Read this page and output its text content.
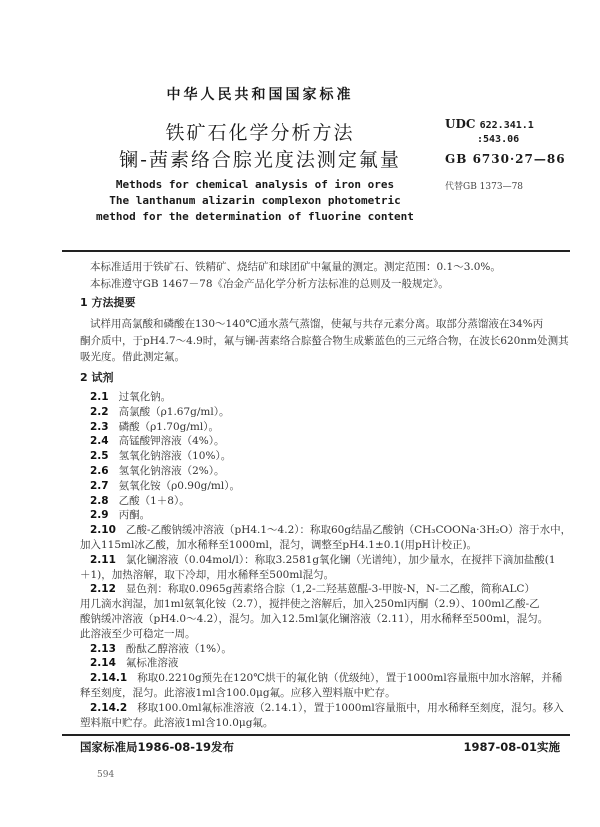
中华人民共和国国家标准
铁矿石化学分析方法
镧-茜素络合腙光度法测定氟量
UDC 622.341.1
:543.06
GB 6730·27—86
代替GB 1373—78
Methods for chemical analysis of iron ores
The lanthanum alizarin complexon photometric
method for the determination of fluorine content
本标准适用于铁矿石、铁精矿、烧结矿和球团矿中氟量的测定。测定范围：0.1～3.0%。
本标准遵守GB 1467－78《冶金产品化学分析方法标准的总则及一般规定》。
1 方法提要
试样用高氯酸和磷酸在130～140℃通水蒸气蒸馏，使氟与共存元素分离。取部分蒸馏液在34%丙
酮介质中，于pH4.7～4.9时，氟与镧-茜素络合腙螯合物生成紫蓝色的三元络合物，在波长620nm处测其
吸光度。借此测定氟。
2 试剂
2.1 过氧化钠。
2.2 高氯酸（ρ1.67g/ml）。
2.3 磷酸（ρ1.70g/ml）。
2.4 高锰酸钾溶液（4%）。
2.5 氢氧化钠溶液（10%）。
2.6 氢氧化钠溶液（2%）。
2.7 氨氧化铵（ρ0.90g/ml）。
2.8 乙酸（1＋8）。
2.9 丙酮。
2.10 乙酸-乙酸钠缓冲溶液（pH4.1～4.2）：称取60g结晶乙酸钠（CH₃COONa·3H₂O）溶于水中，
加入115ml冰乙酸，加水稀释至1000ml，混匀，调整至pH4.1±0.1(用pH计校正)。
2.11 氯化镧溶液（0.04mol/l）：称取3.2581g氧化镧（光谱纯），加少量水，在搅拌下滴加盐酸(1
＋1)，加热溶解，取下冷却，用水稀释至500ml混匀。
2.12 显色剂：称取0.0965g茜素络合腙（1,2-二羟基蒽醌-3-甲胺-N，N-二乙酸，简称ALC）
用几滴水润湿，加1ml氨氧化铵（2.7），搅拌使之溶解后，加入250ml丙酮（2.9）、100ml乙酸-乙
酸钠缓冲溶液（pH4.0～4.2），混匀。加入12.5ml氯化镧溶液（2.11），用水稀释至500ml，混匀。
此溶液至少可稳定一周。
2.13 酚酞乙醇溶液（1%）。
2.14 氟标准溶液
2.14.1 称取0.2210g预先在120℃烘干的氟化钠（优级纯），置于1000ml容量瓶中加水溶解，并稀
释至刻度，混匀。此溶液1ml含100.0μg氟。应移入塑料瓶中贮存。
2.14.2 移取100.0ml氟标准溶液（2.14.1），置于1000ml容量瓶中，用水稀释至刻度，混匀。移入
塑料瓶中贮存。此溶液1ml含10.0μg氟。
国家标准局1986-08-19发布	1987-08-01实施
594
